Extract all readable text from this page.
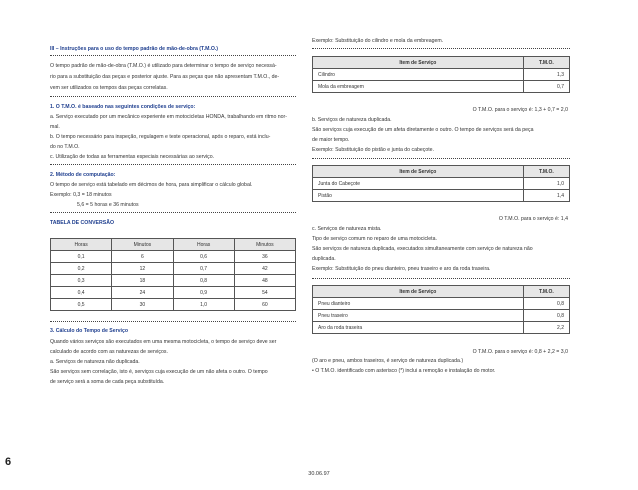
III – Instruções para o uso do tempo padrão de mão-de-obra (T.M.O.)
O tempo padrão de mão-de-obra (T.M.O.) é utilizado para determinar o tempo de serviço necessá-
rio para a substituição das peças e posterior ajuste. Para as peças que não apresentam T.M.O., de-
vem ser utilizados os tempos das peças correlatas.
1. O T.M.O. é baseado nas seguintes condições de serviço:
a. Serviço executado por um mecânico experiente em motocicletas HONDA, trabalhando em ritmo nor-
mal.
b. O tempo necessário para inspeção, regulagem e teste operacional, após o reparo, está inclu-
do no T.M.O.
c. Utilização de todas as ferramentas especiais necessárias ao serviço.
2. Método de computação:
O tempo de serviço está tabelado em décimos de hora, para simplificar o cálculo global.
Exemplo: 0,3 = 18 minutos
5,6 = 5 horas e 36 minutos
TABELA DE CONVERSÃO
Horas	Minutos	Horas	Minutos
0,1	6	0,6	36
0,2	12	0,7	42
0,3	18	0,8	48
0,4	24	0,9	54
0,5	30	1,0	60
3. Cálculo do Tempo de Serviço
Quando vários serviços são executados em uma mesma motocicleta, o tempo de serviço deve ser
calculado de acordo com as naturezas de serviços.
a. Serviços de natureza não duplicada.
São serviços sem correlação, isto é, serviços cuja execução de um não afeta o outro. O tempo
de serviço será a soma de cada peça substituída.
Exemplo: Substituição do cilindro e mola da embreagem.
Item de Serviço	T.M.O.
Cilindro	1,3
Mola da embreagem	0,7
O T.M.O. para o serviço é: 1,3 + 0,7 = 2,0
b. Serviços de natureza duplicada.
São serviços cuja execução de um afeta diretamente o outro. O tempo de serviços será da peça
de maior tempo.
Exemplo: Substituição do pistão e junta do cabeçote.
Item de Serviço	T.M.O.
Junta do Cabeçote	1,0
Pistão	1,4
O T.M.O. para o serviço é: 1,4
c. Serviços de natureza mista.
Tipo de serviço comum no reparo de uma motocicleta.
São serviços de natureza duplicada, executados simultaneamente com serviço de natureza não
duplicada.
Exemplo: Substituição do pneu dianteiro, pneu traseiro e aro da roda traseira.
Item de Serviço	T.M.O.
Pneu dianteiro	0,8
Pneu traseiro	0,8
Aro da roda traseira	2,2
O T.M.O. para o serviço é: 0,8 + 2,2 = 3,0
(O aro e pneu, ambos traseiros, é serviço de natureza duplicada.)
• O T.M.O. identificado com asterisco (*) inclui a remoção e instalação do motor.
6
30.06.97
